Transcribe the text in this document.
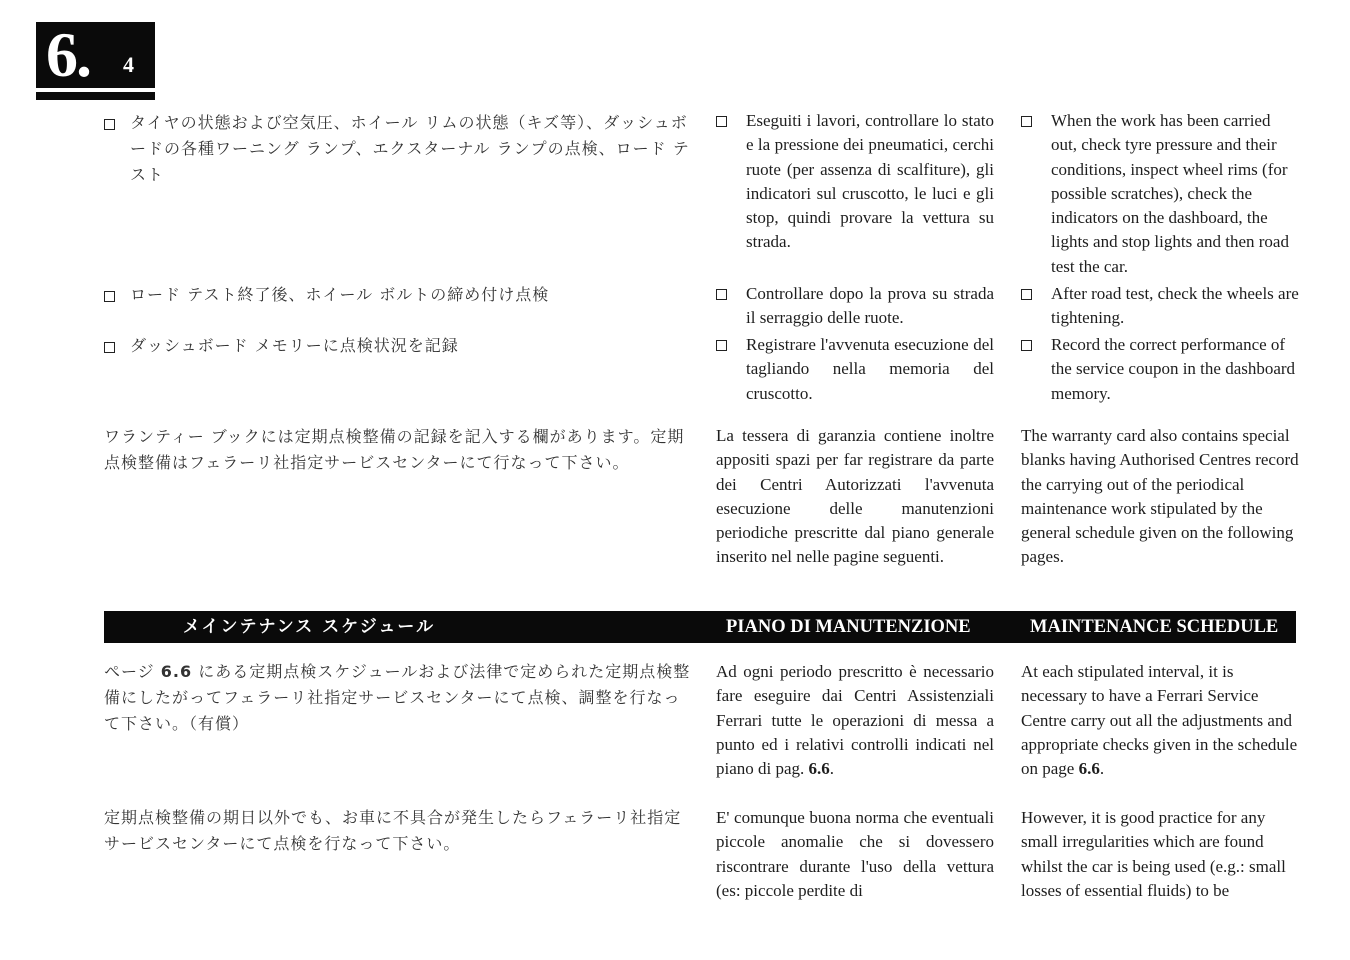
6. 4
タイヤの状態および空気圧、ホイール リムの状態（キズ等）、ダッシュボードの各種ワーニング ランプ、エクスターナル ランプの点検、ロード テスト
ロード テスト終了後、ホイール ボルトの締め付け点検
ダッシュボード メモリーに点検状況を記録
ワランティー ブックには定期点検整備の記録を記入する欄があります。定期点検整備はフェラーリ社指定サービスセンターにて行なって下さい。
ページ 6.6 にある定期点検スケジュールおよび法律で定められた定期点検整備にしたがってフェラーリ社指定サービスセンターにて点検、調整を行なって下さい。（有償）
定期点検整備の期日以外でも、お車に不具合が発生したらフェラーリ社指定サービスセンターにて点検を行なって下さい。
Eseguiti i lavori, controllare lo stato e la pressione dei pneumatici, cerchi ruote (per assenza di scalfiture), gli indicatori sul cruscotto, le luci e gli stop, quindi provare la vettura su strada.
Controllare dopo la prova su strada il serraggio delle ruote.
Registrare l'avvenuta esecuzione del tagliando nella memoria del cruscotto.
La tessera di garanzia contiene inoltre appositi spazi per far registrare da parte dei Centri Autorizzati l'avvenuta esecuzione delle manutenzioni periodiche prescritte dal piano generale inserito nel nelle pagine seguenti.
Ad ogni periodo prescritto è necessario fare eseguire dai Centri Assistenziali Ferrari tutte le operazioni di messa a punto ed i relativi controlli indicati nel piano di pag. 6.6.
E' comunque buona norma che eventuali piccole anomalie che si dovessero riscontrare durante l'uso della vettura (es: piccole perdite di
When the work has been carried out, check tyre pressure and their conditions, inspect wheel rims (for possible scratches), check the indicators on the dashboard, the lights and stop lights and then road test the car.
After road test, check the wheels are tightening.
Record the correct performance of the service coupon in the dashboard memory.
The warranty card also contains special blanks having Authorised Centres record the carrying out of the periodical maintenance work stipulated by the general schedule given on the following pages.
At each stipulated interval, it is necessary to have a Ferrari Service Centre carry out all the adjustments and appropriate checks given in the schedule on page 6.6.
However, it is good practice for any small irregularities which are found whilst the car is being used (e.g.: small losses of essential fluids) to be
メインテナンス スケジュール	PIANO DI MANUTENZIONE	MAINTENANCE SCHEDULE
